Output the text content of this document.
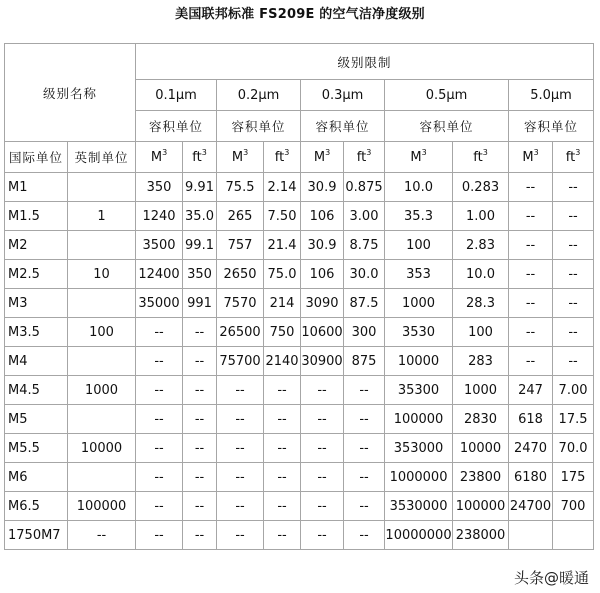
美国联邦标准 FS209E 的空气洁净度级别
级别名称		级别限制									
		0.1μm		0.2μm		0.3μm		0.5μm		5.0μm	
		容积单位		容积单位		容积单位		容积单位		容积单位	
国际单位	英制单位	$M^3$	$ft^3$	$M^3$	$ft^3$	$M^3$	$ft^3$	$M^3$	$ft^3$	$M^3$	$ft^3$
M1		350	9.91	75.5	2.14	30.9	0.875	10.0	0.283	--	--
M1.5	1	1240	35.0	265	7.50	106	3.00	35.3	1.00	--	--
M2		3500	99.1	757	21.4	30.9	8.75	100	2.83	--	--
M2.5	10	12400	350	2650	75.0	106	30.0	353	10.0	--	--
M3		35000	991	7570	214	3090	87.5	1000	28.3	--	--
M3.5	100	--	--	26500	750	10600	300	3530	100	--	--
M4		--	--	75700	2140	30900	875	10000	283	--	--
M4.5	1000	--	--	--	--	--	--	35300	1000	247	7.00
M5		--	--	--	--	--	--	100000	2830	618	17.5
M5.5	10000	--	--	--	--	--	--	353000	10000	2470	70.0
M6		--	--	--	--	--	--	1000000	23800	6180	175
M6.5	100000	--	--	--	--	--	--	3530000	100000	24700	700
1750M7	--	--	--	--	--	--	--	10000000	238000		
头条@暖通
